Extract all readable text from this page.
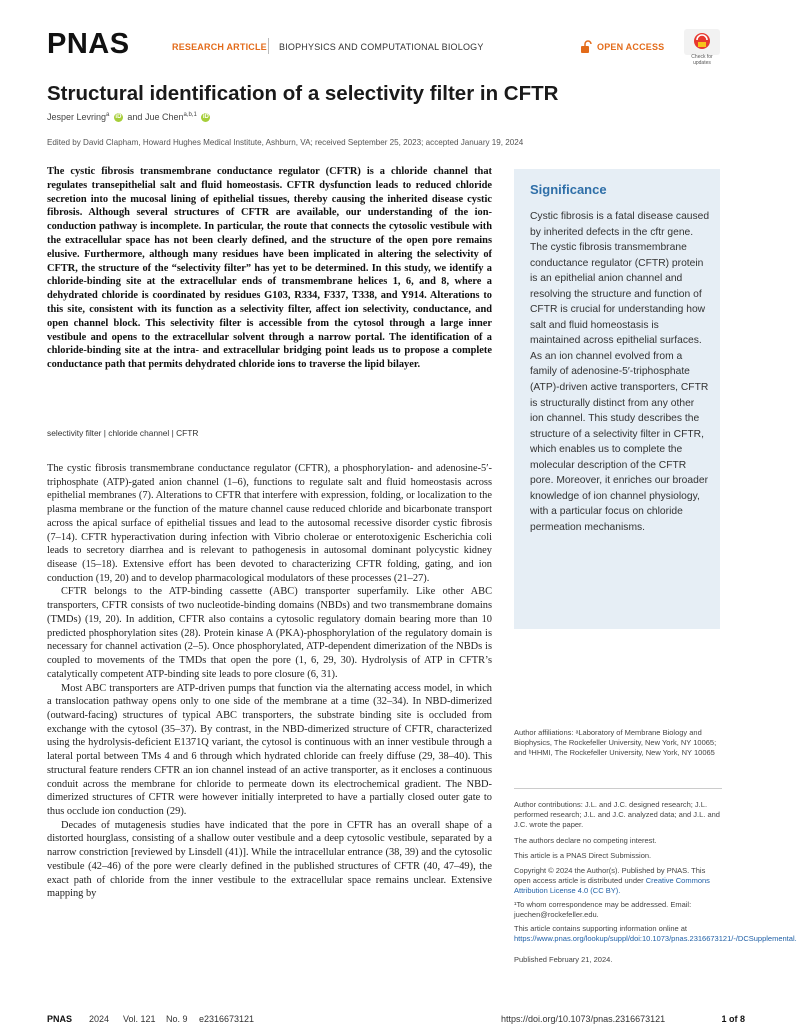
PNAS	RESEARCH ARTICLE BIOPHYSICS AND COMPUTATIONAL BIOLOGY	OPEN ACCESS
Check for updates
Structural identification of a selectivity filter in CFTR
Jesper Levring$^a$ iD and Jue Chen$^{a,b,1}$ iD
Edited by David Clapham, Howard Hughes Medical Institute, Ashburn, VA; received September 25, 2023; accepted January 19, 2024

The cystic fibrosis transmembrane conductance regulator (CFTR) is a chloride channel that regulates transepithelial salt and fluid homeostasis. CFTR dysfunction leads to reduced chloride secretion into the mucosal lining of epithelial tissues, thereby causing the inherited disease cystic fibrosis. Although several structures of CFTR are available, our understanding of the ion-conduction pathway is incomplete. In particular, the route that connects the cytosolic vestibule with the extracellular space has not been clearly defined, and the structure of the open pore remains elusive. Furthermore, although many residues have been implicated in altering the selectivity of CFTR, the structure of the “selectivity filter” has yet to be determined. In this study, we identify a chloride-binding site at the extracellular ends of transmembrane helices 1, 6, and 8, where a dehydrated chloride is coordinated by residues G103, R334, F337, T338, and Y914. Alterations to this site, consistent with its function as a selectivity filter, affect ion selectivity, conductance, and open channel block. This selectivity filter is accessible from the cytosol through a large inner vestibule and opens to the extracellular solvent through a narrow portal. The identification of a chloride-binding site at the intra- and extracellular bridging point leads us to propose a complete conductance path that permits dehydrated chloride ions to traverse the lipid bilayer.

selectivity filter | chloride channel | CFTR

The cystic fibrosis transmembrane conductance regulator (CFTR), a phosphorylation- and adenosine-5′-triphosphate (ATP)-gated anion channel (1–6), functions to regulate salt and fluid homeostasis across epithelial membranes (7). Alterations to CFTR that interfere with expression, folding, or localization to the plasma membrane or the function of the mature channel cause reduced chloride and bicarbonate transport across the apical surface of epithelial tissues and lead to the autosomal recessive disorder cystic fibrosis (7–14). CFTR hyperactivation during infection with Vibrio cholerae or enterotoxigenic Escherichia coli leads to secretory diarrhea and is relevant to pathogenesis in autosomal dominant polycystic kidney disease (15–18). Extensive effort has been devoted to characterizing CFTR folding, gating, and ion conduction (19, 20) and to develop pharmacological modulators of these processes (21–27).

CFTR belongs to the ATP-binding cassette (ABC) transporter superfamily. Like other ABC transporters, CFTR consists of two nucleotide-binding domains (NBDs) and two transmembrane domains (TMDs) (19, 20). In addition, CFTR also contains a cytosolic regulatory domain bearing more than 10 predicted phosphorylation sites (28). Protein kinase A (PKA)-phosphorylation of the regulatory domain is necessary for channel activation (2–5). Once phosphorylated, ATP-dependent dimerization of the NBDs is coupled to movements of the TMDs that open the pore (1, 6, 29, 30). Hydrolysis of ATP in CFTR’s catalytically competent ATP-binding site leads to pore closure (6, 31).

Most ABC transporters are ATP-driven pumps that function via the alternating access model, in which a translocation pathway opens only to one side of the membrane at a time (32–34). In NBD-dimerized (outward-facing) structures of typical ABC transporters, the substrate binding site is occluded from exchange with the cytosol (35–37). By contrast, in the NBD-dimerized structure of CFTR, characterized using the hydrolysis-deficient E1371Q variant, the cytosol is continuous with an inner vestibule through a lateral portal between TMs 4 and 6 through which hydrated chloride can freely diffuse (29, 38–40). This structural feature renders CFTR an ion channel instead of an active transporter, as it encloses a continuous conduit across the membrane for chloride to permeate down its electrochemical gradient. The NBD-dimerized structures of CFTR were however initially interpreted to have a partially closed outer gate to thus occlude ion conduction (29).

Decades of mutagenesis studies have indicated that the pore in CFTR has an overall shape of a distorted hourglass, consisting of a shallow outer vestibule and a deep cytosolic vestibule, separated by a narrow constriction [reviewed by Linsdell (41)]. While the intracellular entrance (38, 39) and the cytosolic vestibule (42–46) of the pore were clearly defined in the published structures of CFTR (40, 47–49), the exact path of chloride from the inner vestibule to the extracellular space remains unclear. Extensive mapping by

Significance

Cystic fibrosis is a fatal disease caused by inherited defects in the cftr gene. The cystic fibrosis transmembrane conductance regulator (CFTR) protein is an epithelial anion channel and resolving the structure and function of CFTR is crucial for understanding how salt and fluid homeostasis is maintained across epithelial surfaces. As an ion channel evolved from a family of adenosine-5′-triphosphate (ATP)-driven active transporters, CFTR is structurally distinct from any other ion channel. This study describes the structure of a selectivity filter in CFTR, which enables us to complete the molecular description of the CFTR pore. Moreover, it enriches our broader knowledge of ion channel physiology, with a particular focus on chloride permeation mechanisms.

Author affiliations: ᵃLaboratory of Membrane Biology and Biophysics, The Rockefeller University, New York, NY 10065; and ᵇHHMI, The Rockefeller University, New York, NY 10065

Author contributions: J.L. and J.C. designed research; J.L. performed research; J.L. and J.C. analyzed data; and J.L. and J.C. wrote the paper.

The authors declare no competing interest.

This article is a PNAS Direct Submission.

Copyright © 2024 the Author(s). Published by PNAS. This open access article is distributed under Creative Commons Attribution License 4.0 (CC BY).

¹To whom correspondence may be addressed. Email: juechen@rockefeller.edu.

This article contains supporting information online at https://www.pnas.org/lookup/suppl/doi:10.1073/pnas.2316673121/-/DCSupplemental.

Published February 21, 2024.

PNAS 2024 Vol. 121 No. 9 e2316673121	https://doi.org/10.1073/pnas.2316673121	1 of 8
